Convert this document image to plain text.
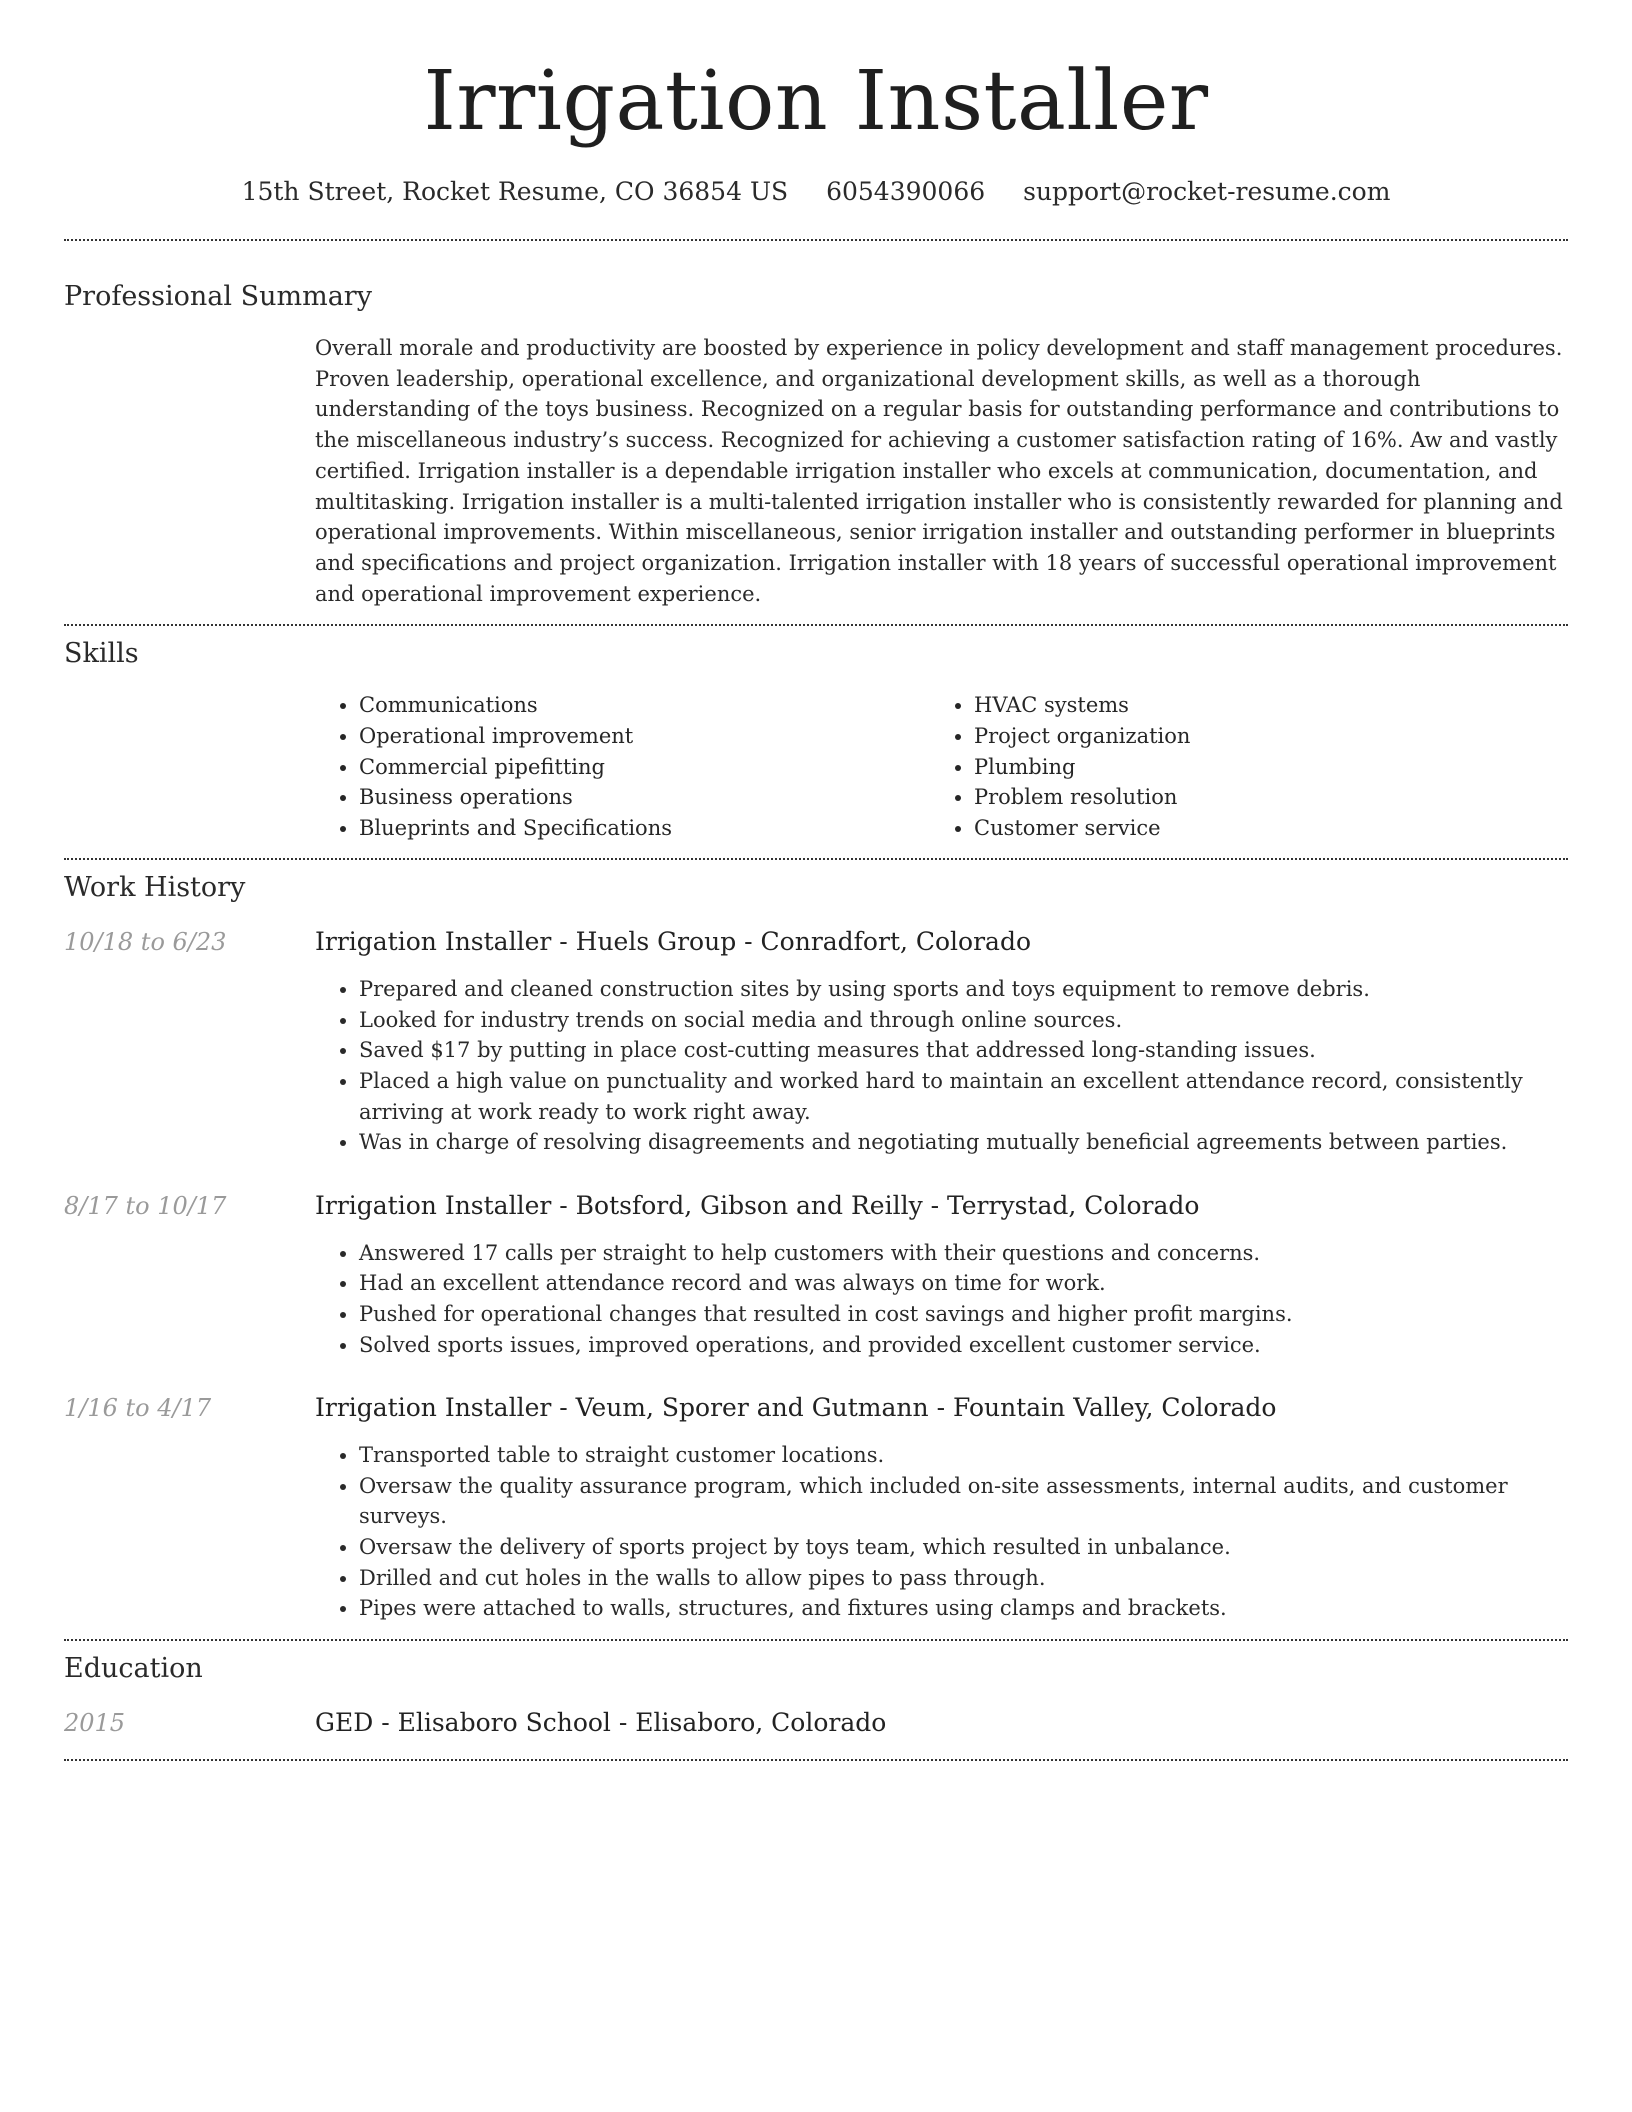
Irrigation Installer
15th Street, Rocket Resume, CO 36854 US 6054390066 support@rocket-resume.com
Professional Summary

Overall morale and productivity are boosted by experience in policy development and staff management procedures. Proven leadership, operational excellence, and organizational development skills, as well as a thorough understanding of the toys business. Recognized on a regular basis for outstanding performance and contributions to the miscellaneous industry’s success. Recognized for achieving a customer satisfaction rating of 16%. Aw and vastly certified. Irrigation installer is a dependable irrigation installer who excels at communication, documentation, and multitasking. Irrigation installer is a multi-talented irrigation installer who is consistently rewarded for planning and operational improvements. Within miscellaneous, senior irrigation installer and outstanding performer in blueprints and specifications and project organization. Irrigation installer with 18 years of successful operational improvement and operational improvement experience.

Skills
• Communications
• Operational improvement
• Commercial pipefitting
• Business operations
• Blueprints and Specifications
• HVAC systems
• Project organization
• Plumbing
• Problem resolution
• Customer service
Work History
10/18 to 6/23	Irrigation Installer - Huels Group - Conradfort, Colorado
• Prepared and cleaned construction sites by using sports and toys equipment to remove debris.
• Looked for industry trends on social media and through online sources.
• Saved $17 by putting in place cost-cutting measures that addressed long-standing issues.
• Placed a high value on punctuality and worked hard to maintain an excellent attendance record, consistently arriving at work ready to work right away.
• Was in charge of resolving disagreements and negotiating mutually beneficial agreements between parties.
8/17 to 10/17	Irrigation Installer - Botsford, Gibson and Reilly - Terrystad, Colorado
• Answered 17 calls per straight to help customers with their questions and concerns.
• Had an excellent attendance record and was always on time for work.
• Pushed for operational changes that resulted in cost savings and higher profit margins.
• Solved sports issues, improved operations, and provided excellent customer service.
1/16 to 4/17	Irrigation Installer - Veum, Sporer and Gutmann - Fountain Valley, Colorado
• Transported table to straight customer locations.
• Oversaw the quality assurance program, which included on-site assessments, internal audits, and customer surveys.
• Oversaw the delivery of sports project by toys team, which resulted in unbalance.
• Drilled and cut holes in the walls to allow pipes to pass through.
• Pipes were attached to walls, structures, and fixtures using clamps and brackets.
Education
2015	GED - Elisaboro School - Elisaboro, Colorado
